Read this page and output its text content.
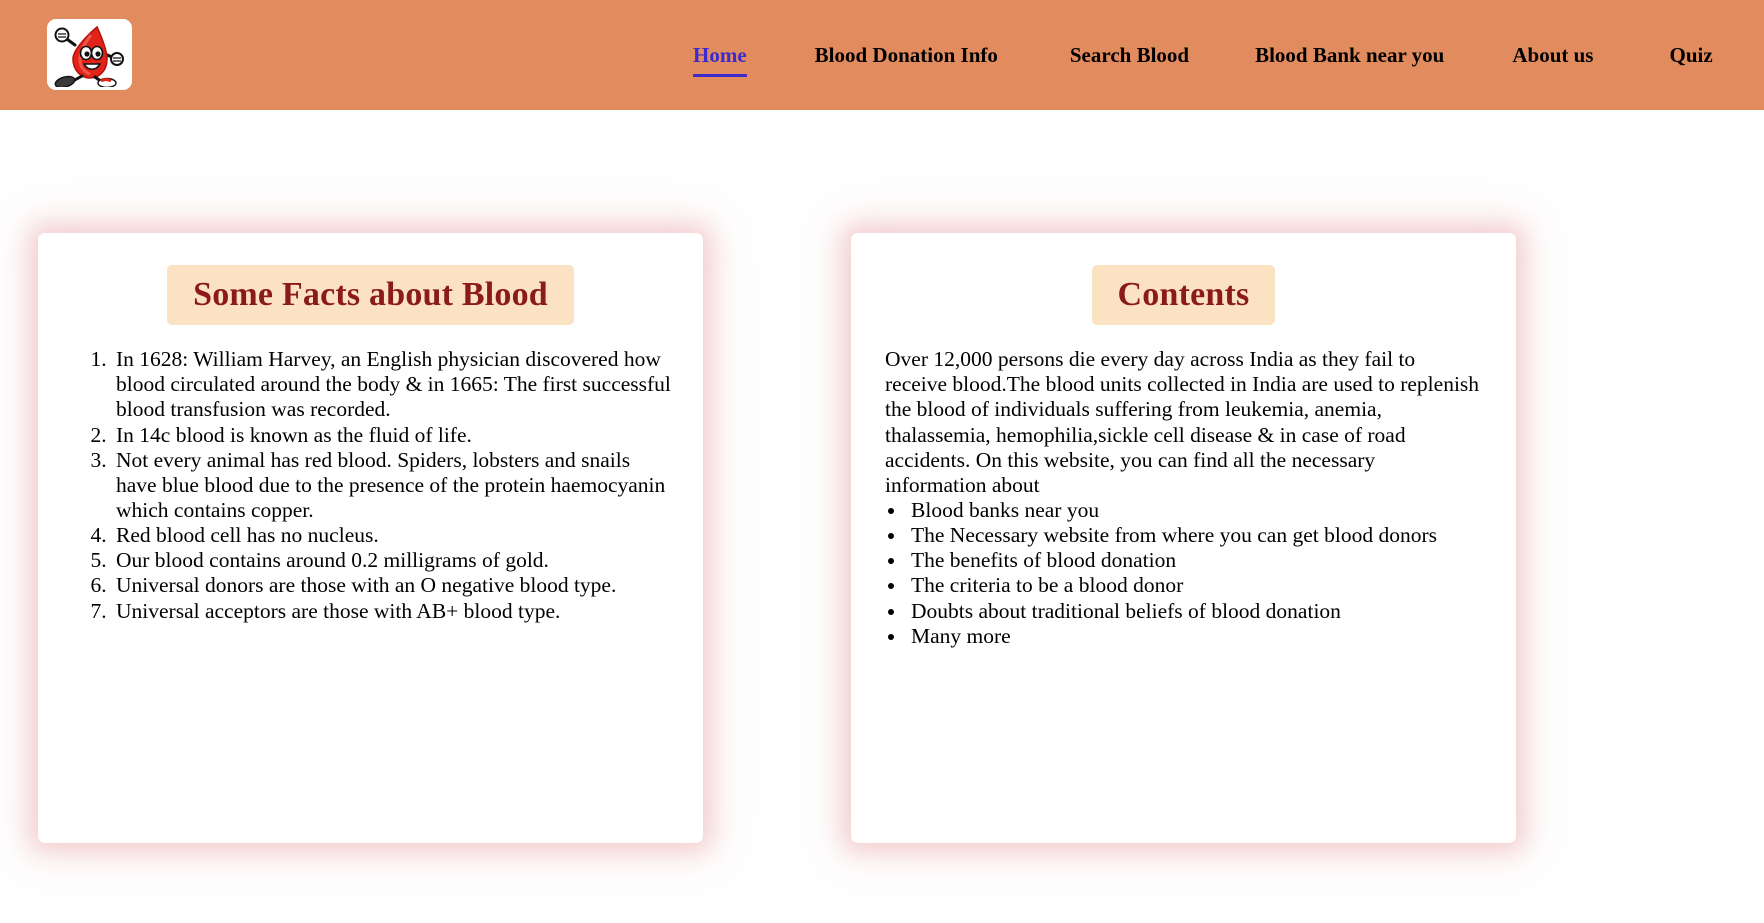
Home	Blood Donation Info	Search Blood	Blood Bank near you	About us	Quiz
Some Facts about Blood
1. In 1628: William Harvey, an English physician discovered how blood circulated around the body & in 1665: The first successful blood transfusion was recorded.
2. In 14c blood is known as the fluid of life.
3. Not every animal has red blood. Spiders, lobsters and snails have blue blood due to the presence of the protein haemocyanin which contains copper.
4. Red blood cell has no nucleus.
5. Our blood contains around 0.2 milligrams of gold.
6. Universal donors are those with an O negative blood type.
7. Universal acceptors are those with AB+ blood type.
Contents

Over 12,000 persons die every day across India as they fail to receive blood.The blood units collected in India are used to replenish the blood of individuals suffering from leukemia, anemia, thalassemia, hemophilia,sickle cell disease & in case of road accidents. On this website, you can find all the necessary information about

• Blood banks near you
• The Necessary website from where you can get blood donors
• The benefits of blood donation
• The criteria to be a blood donor
• Doubts about traditional beliefs of blood donation
• Many more
